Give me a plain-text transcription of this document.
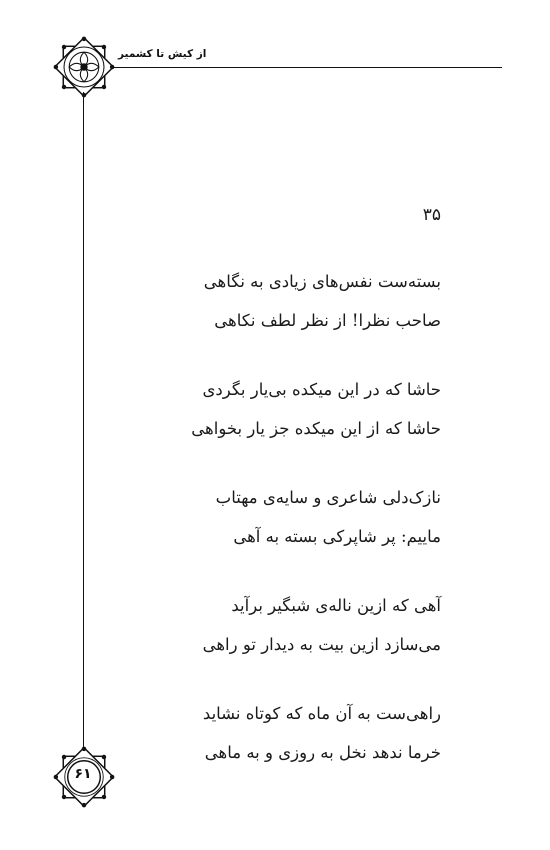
از کیش تا کشمیر
۶۱
۳۵
بسته‌ست نفس‌های زیادی به نگاهی
صاحب نظرا! از نظر لطف نکاهی
حاشا که در این میکده بی‌یار بگردی
حاشا که از این میکده جز یار بخواهی
نازک‌دلی شاعری و سایه‌ی مهتاب
ماییم: پر شاپرکی بسته به آهی
آهی که ازین ناله‌ی شبگیر برآید
می‌سازد ازین بیت به دیدار تو راهی
راهی‌ست به آن ماه که کوتاه نشاید
خرما ندهد نخل به روزی و به ماهی
